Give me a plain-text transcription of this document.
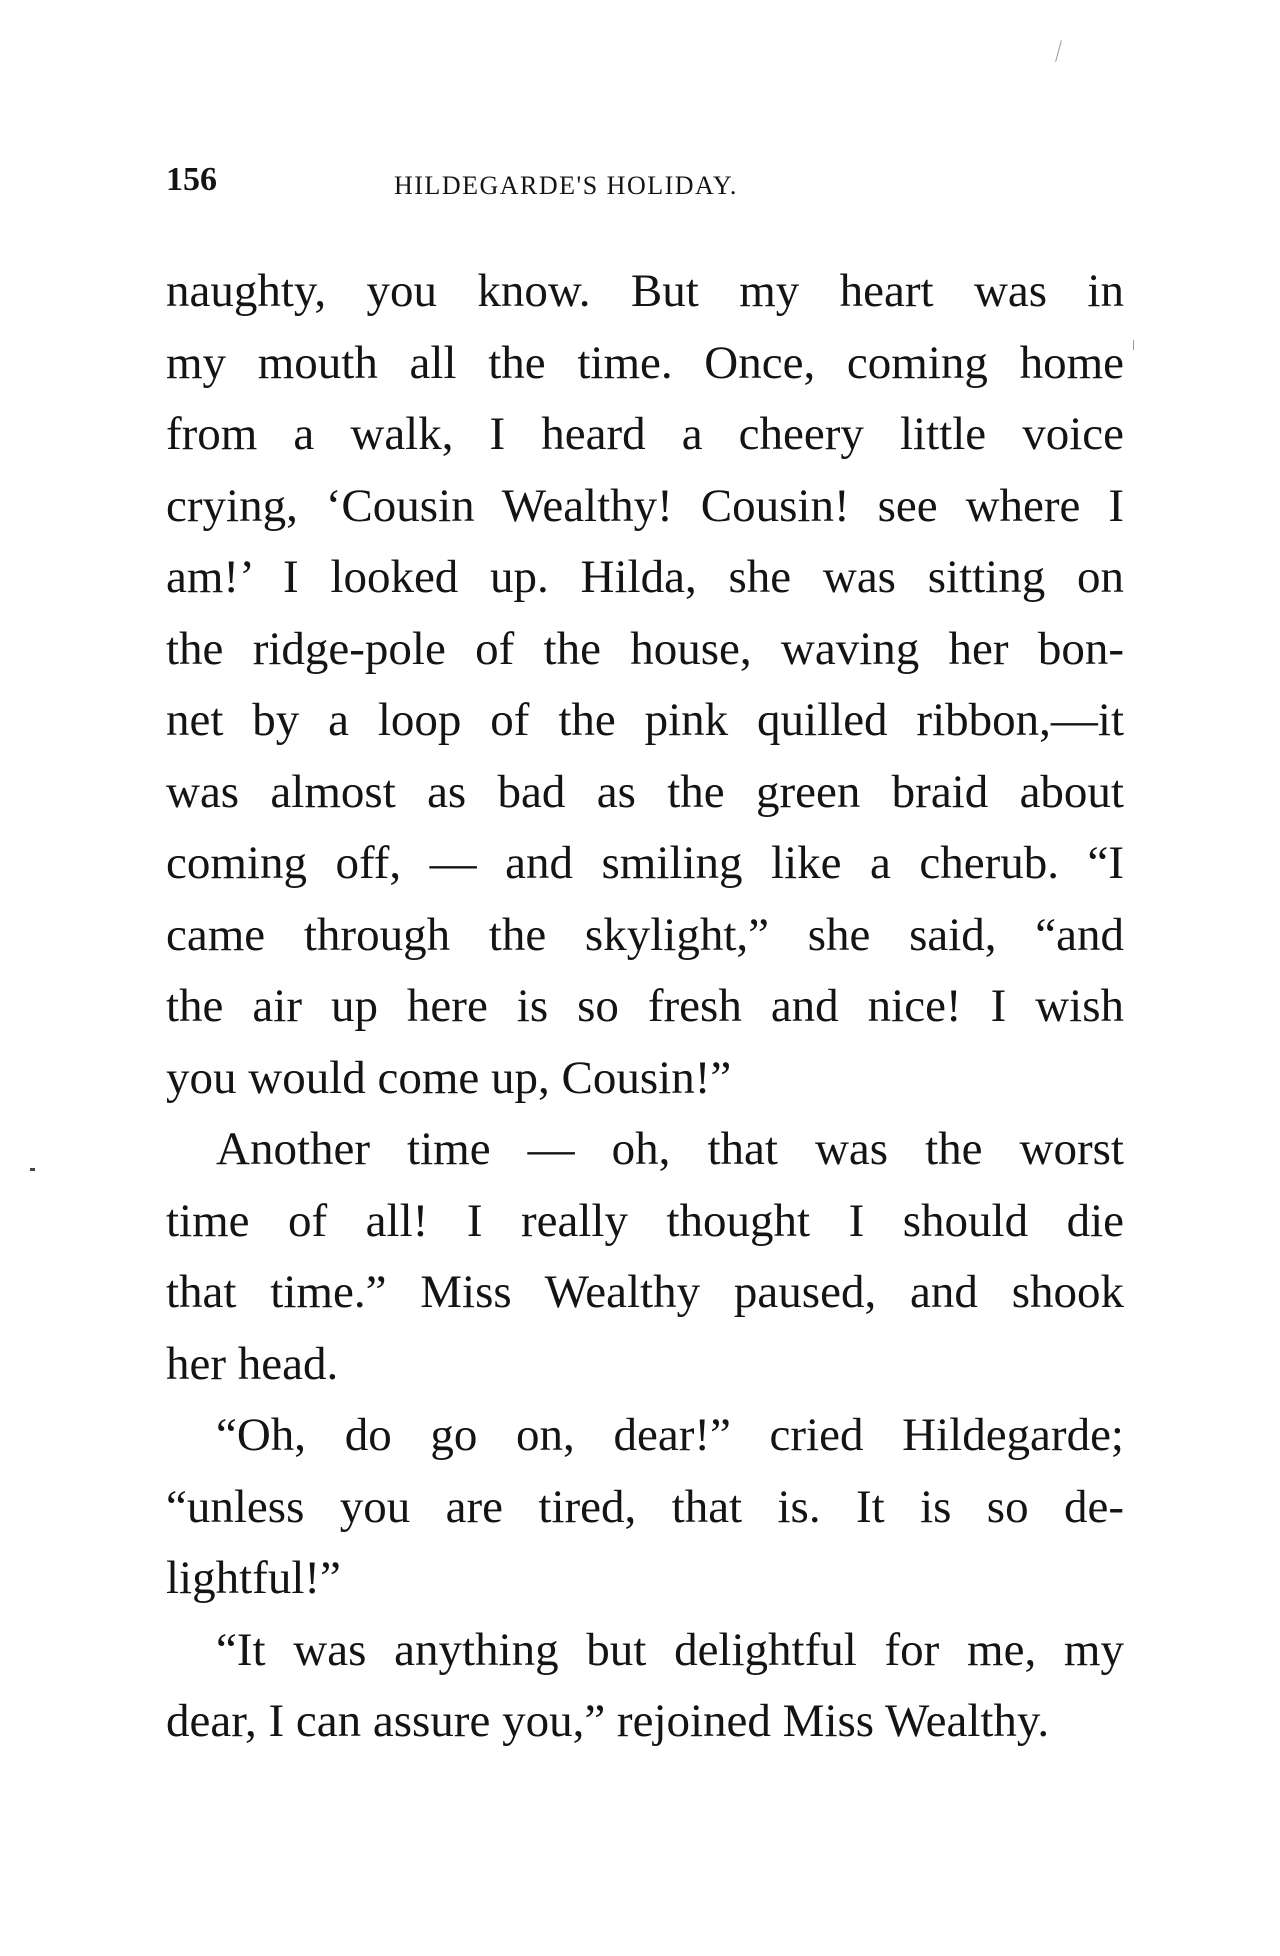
156	HILDEGARDE'S HOLIDAY.
naughty, you know. But my heart was in
my mouth all the time. Once, coming home
from a walk, I heard a cheery little voice
crying, ‘Cousin Wealthy! Cousin! see where I
am!’ I looked up. Hilda, she was sitting on
the ridge-pole of the house, waving her bon-
net by a loop of the pink quilled ribbon,—it
was almost as bad as the green braid about
coming off, — and smiling like a cherub. “I
came through the skylight,” she said, “and
the air up here is so fresh and nice! I wish
you would come up, Cousin!”
Another time — oh, that was the worst
time of all! I really thought I should die
that time.” Miss Wealthy paused, and shook
her head.
“Oh, do go on, dear!” cried Hildegarde;
“unless you are tired, that is. It is so de-
lightful!”
“It was anything but delightful for me, my
dear, I can assure you,” rejoined Miss Wealthy.
